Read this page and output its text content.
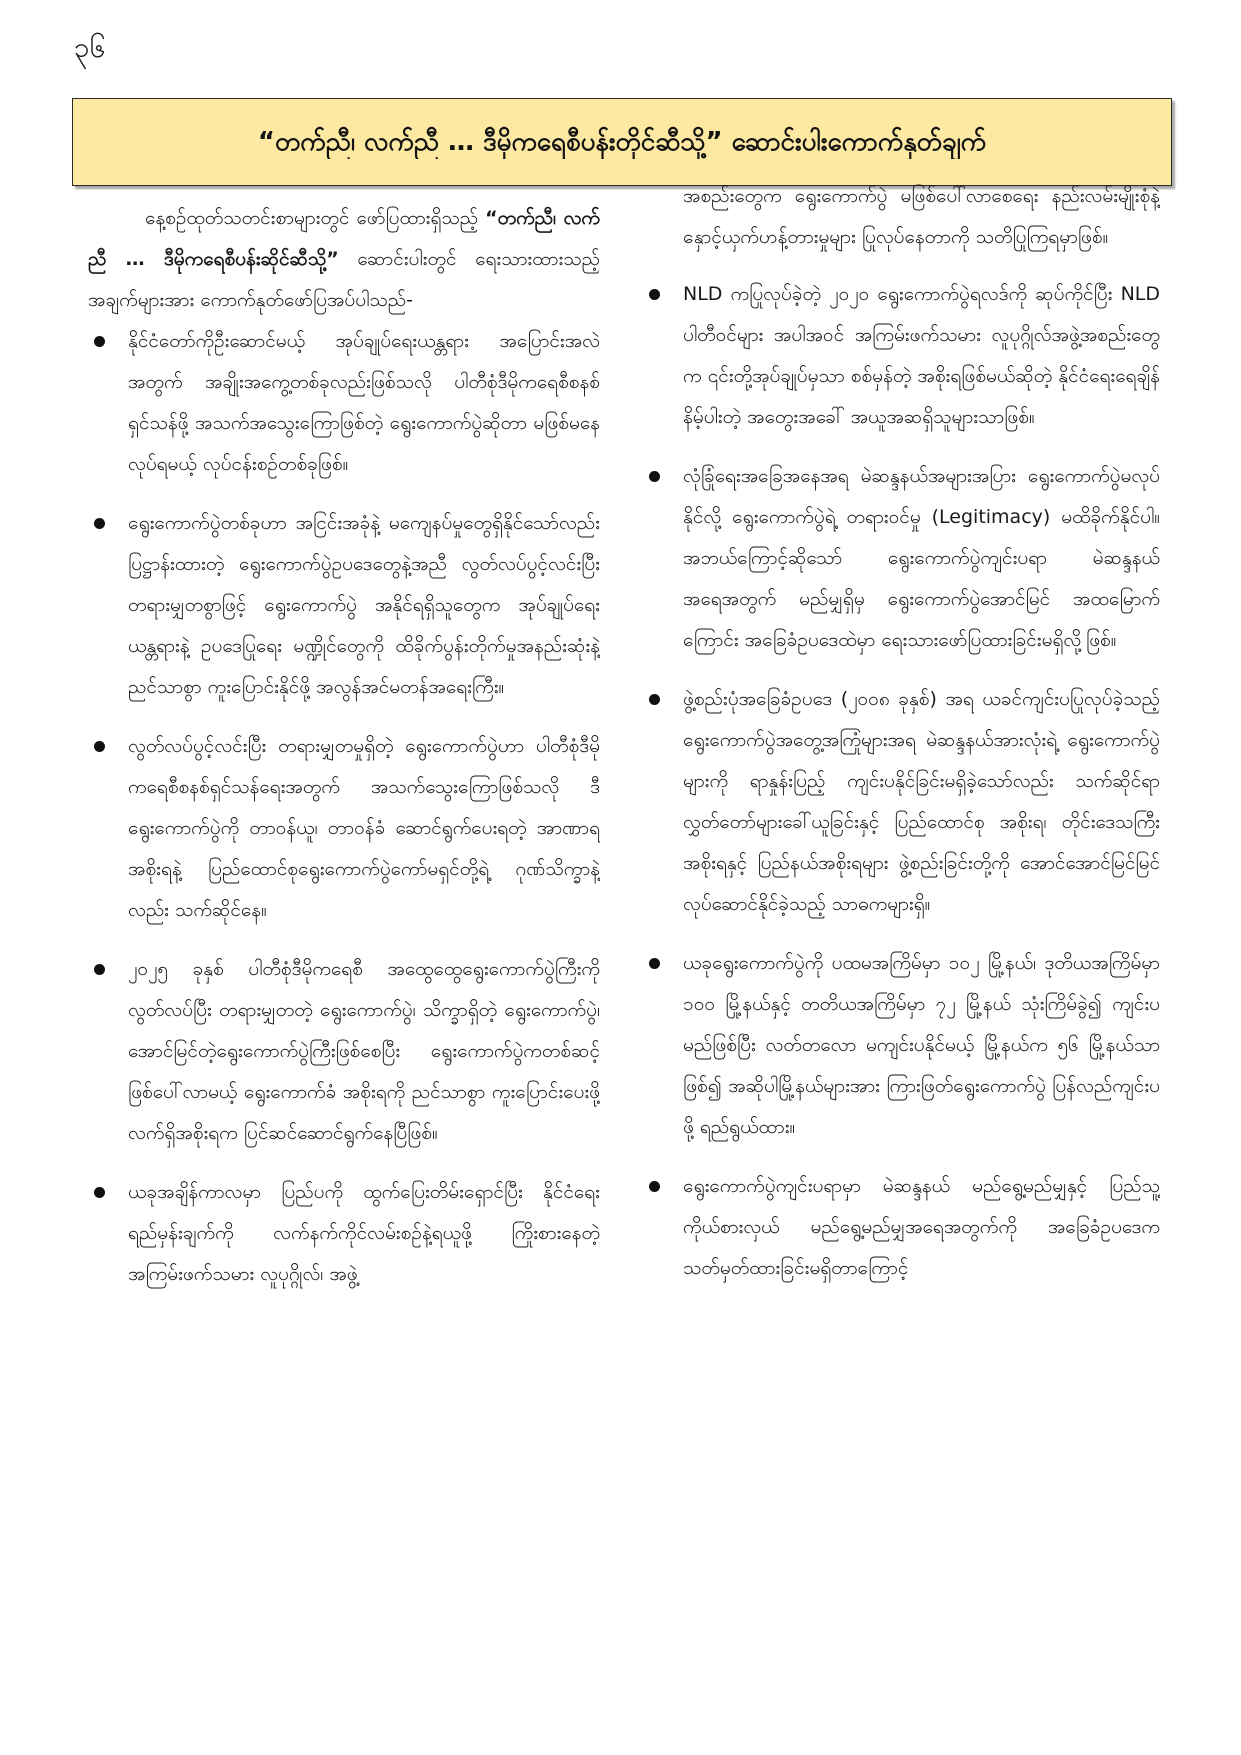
၃၆
“တက်ညီ၊ လက်ညီ … ဒီမိုကရေစီပန်းတိုင်ဆီသို့” ဆောင်းပါးကောက်နုတ်ချက်

နေ့စဉ်ထုတ်သတင်းစာများတွင် ဖော်ပြထားရှိသည့် “တက်ညီ၊ လက်ညီ … ဒီမိုကရေစီပန်းဆိုင်ဆီသို့” ဆောင်းပါးတွင် ရေးသားထားသည့် အချက်များအား ကောက်နုတ်ဖော်ပြအပ်ပါသည်-

နိုင်ငံတော်ကိုဦးဆောင်မယ့် အုပ်ချုပ်ရေးယန္တရား အပြောင်းအလဲအတွက် အချိုးအကွေ့တစ်ခုလည်းဖြစ်သလို ပါတီစုံဒီမိုကရေစီစနစ်ရှင်သန်ဖို့ အသက်အသွေးကြောဖြစ်တဲ့ ရွေးကောက်ပွဲဆိုတာ မဖြစ်မနေလုပ်ရမယ့် လုပ်ငန်းစဉ်တစ်ခုဖြစ်။
ရွေးကောက်ပွဲတစ်ခုဟာ အငြင်းအခုံနဲ့ မကျေနပ်မှုတွေရှိနိုင်သော်လည်း ပြဋ္ဌာန်းထားတဲ့ ရွေးကောက်ပွဲဥပဒေတွေနဲ့အညီ လွတ်လပ်ပွင့်လင်းပြီး တရားမျှတစွာဖြင့် ရွေးကောက်ပွဲ အနိုင်ရရှိသူတွေက အုပ်ချုပ်ရေးယန္တရားနဲ့ ဥပဒေပြုရေး မဏ္ဍိုင်တွေကို ထိခိုက်ပွန်းတိုက်မှုအနည်းဆုံးနဲ့ ညင်သာစွာ ကူးပြောင်းနိုင်ဖို့ အလွန်အင်မတန်အရေးကြီး။
လွတ်လပ်ပွင့်လင်းပြီး တရားမျှတမှုရှိတဲ့ ရွေးကောက်ပွဲဟာ ပါတီစုံဒီမိုကရေစီစနစ်ရှင်သန်ရေးအတွက် အသက်သွေးကြောဖြစ်သလို ဒီရွေးကောက်ပွဲကို တာဝန်ယူ၊ တာဝန်ခံ ဆောင်ရွက်ပေးရတဲ့ အာဏာရအစိုးရနဲ့ ပြည်ထောင်စုရွေးကောက်ပွဲကော်မရှင်တို့ရဲ့ ဂုဏ်သိက္ခာနဲ့လည်း သက်ဆိုင်နေ။
၂၀၂၅ ခုနှစ် ပါတီစုံဒီမိုကရေစီ အထွေထွေရွေးကောက်ပွဲကြီးကို လွတ်လပ်ပြီး တရားမျှတတဲ့ ရွေးကောက်ပွဲ၊ သိက္ခာရှိတဲ့ ရွေးကောက်ပွဲ၊ အောင်မြင်တဲ့ရွေးကောက်ပွဲကြီးဖြစ်စေပြီး ရွေးကောက်ပွဲကတစ်ဆင့်ဖြစ်ပေါ်လာမယ့် ရွေးကောက်ခံ အစိုးရကို ညင်သာစွာ ကူးပြောင်းပေးဖို့ လက်ရှိအစိုးရက ပြင်ဆင်ဆောင်ရွက်နေပြီဖြစ်။
ယခုအချိန်ကာလမှာ ပြည်ပကို ထွက်ပြေးတိမ်းရှောင်ပြီး နိုင်ငံရေးရည်မှန်းချက်ကို လက်နက်ကိုင်လမ်းစဉ်နဲ့ရယူဖို့ ကြိုးစားနေတဲ့ အကြမ်းဖက်သမား လူပုဂ္ဂိုလ်၊ အဖွဲ့

အစည်းတွေက ရွေးကောက်ပွဲ မဖြစ်ပေါ်လာစေရေး နည်းလမ်းမျိုးစုံနဲ့ နှောင့်ယှက်ဟန့်တားမှုများ ပြုလုပ်နေတာကို သတိပြုကြရမှာဖြစ်။

NLD ကပြုလုပ်ခဲ့တဲ့ ၂၀၂၀ ရွေးကောက်ပွဲရလဒ်ကို ဆုပ်ကိုင်ပြီး NLD ပါတီဝင်များ အပါအဝင် အကြမ်းဖက်သမား လူပုဂ္ဂိုလ်အဖွဲ့အစည်းတွေက ၎င်းတို့အုပ်ချုပ်မှသာ စစ်မှန်တဲ့ အစိုးရဖြစ်မယ်ဆိုတဲ့ နိုင်ငံရေးရေချိန်နိမ့်ပါးတဲ့ အတွေးအခေါ် အယူအဆရှိသူများသာဖြစ်။
လုံခြုံရေးအခြေအနေအရ မဲဆန္ဒနယ်အများအပြား ရွေးကောက်ပွဲမလုပ်နိုင်လို့ ရွေးကောက်ပွဲရဲ့ တရားဝင်မှု (Legitimacy) မထိခိုက်နိုင်ပါ။ အဘယ်ကြောင့်ဆိုသော် ရွေးကောက်ပွဲကျင်းပရာ မဲဆန္ဒနယ်အရေအတွက် မည်မျှရှိမှ ရွေးကောက်ပွဲအောင်မြင် အထမြောက်ကြောင်း အခြေခံဥပဒေထဲမှာ ရေးသားဖော်ပြထားခြင်းမရှိလို့ဖြစ်။
ဖွဲ့စည်းပုံအခြေခံဥပဒေ (၂၀၀၈ ခုနှစ်) အရ ယခင်ကျင်းပပြုလုပ်ခဲ့သည့် ရွေးကောက်ပွဲအတွေ့အကြုံများအရ မဲဆန္ဒနယ်အားလုံးရဲ့ ရွေးကောက်ပွဲများကို ရာနှုန်းပြည့် ကျင်းပနိုင်ခြင်းမရှိခဲ့သော်လည်း သက်ဆိုင်ရာလွှတ်တော်များခေါ်ယူခြင်းနှင့် ပြည်ထောင်စု အစိုးရ၊ တိုင်းဒေသကြီး အစိုးရနှင့် ပြည်နယ်အစိုးရများ ဖွဲ့စည်းခြင်းတို့ကို အောင်အောင်မြင်မြင် လုပ်ဆောင်နိုင်ခဲ့သည့် သာဓကများရှိ။
ယခုရွေးကောက်ပွဲကို ပထမအကြိမ်မှာ ၁၀၂ မြို့နယ်၊ ဒုတိယအကြိမ်မှာ ၁၀၀ မြို့နယ်နှင့် တတိယအကြိမ်မှာ ၇၂ မြို့နယ် သုံးကြိမ်ခွဲ၍ ကျင်းပမည်ဖြစ်ပြီး လတ်တလော မကျင်းပနိုင်မယ့် မြို့နယ်က ၅၆ မြို့နယ်သာဖြစ်၍ အဆိုပါမြို့နယ်များအား ကြားဖြတ်ရွေးကောက်ပွဲ ပြန်လည်ကျင်းပဖို့ ရည်ရွယ်ထား။
ရွေးကောက်ပွဲကျင်းပရာမှာ မဲဆန္ဒနယ် မည်ရွေ့မည်မျှနှင့် ပြည်သူ့ကိုယ်စားလှယ် မည်ရွေ့မည်မျှအရေအတွက်ကို အခြေခံဥပဒေက သတ်မှတ်ထားခြင်းမရှိတာကြောင့်
